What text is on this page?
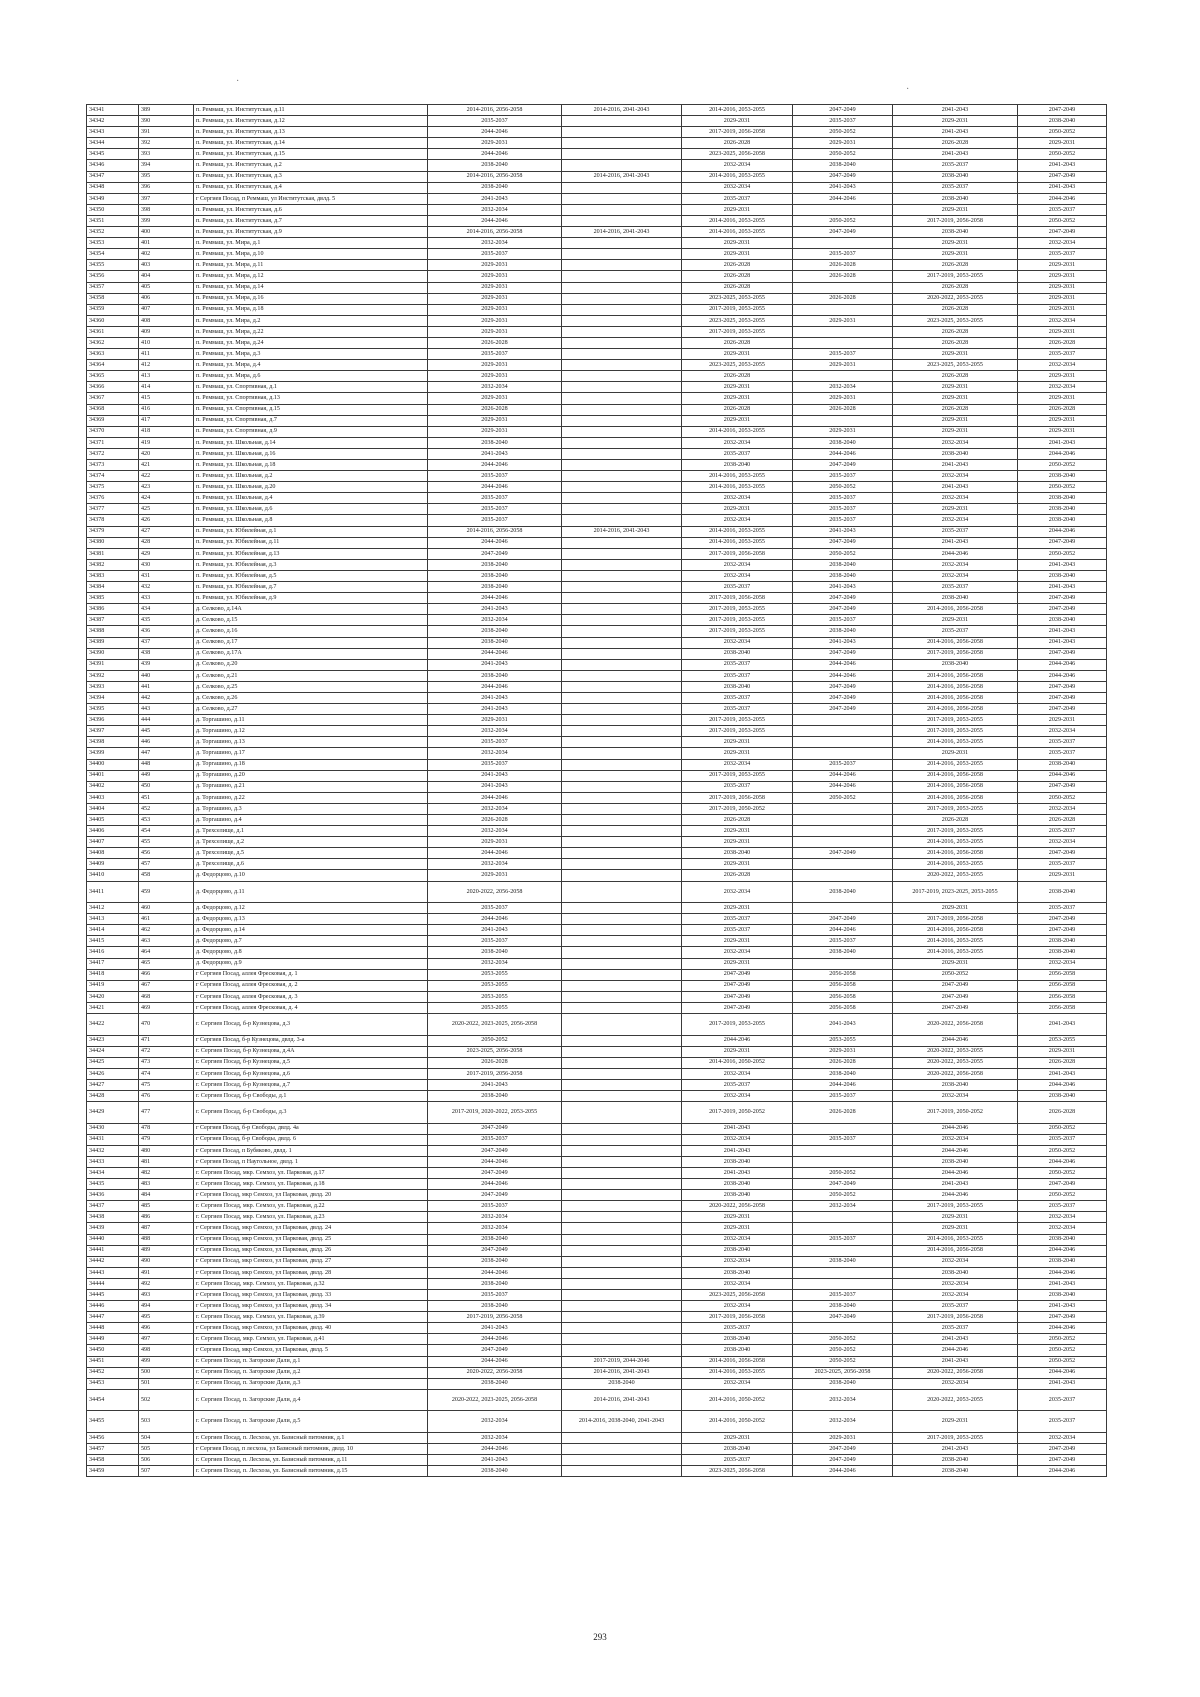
·
·
34341	389	п. Реммаш, ул. Институтская, д.11	2014-2016, 2056-2058	2014-2016, 2041-2043	2014-2016, 2053-2055	2047-2049	2041-2043	2047-2049
34342	390	п. Реммаш, ул. Институтская, д.12	2035-2037		2029-2031	2035-2037	2029-2031	2038-2040
34343	391	п. Реммаш, ул. Институтская, д.13	2044-2046		2017-2019, 2056-2058	2050-2052	2041-2043	2050-2052
34344	392	п. Реммаш, ул. Институтская, д.14	2029-2031		2026-2028	2029-2031	2026-2028	2029-2031
34345	393	п. Реммаш, ул. Институтская, д.15	2044-2046		2023-2025, 2056-2058	2050-2052	2041-2043	2050-2052
34346	394	п. Реммаш, ул. Институтская, д.2	2038-2040		2032-2034	2038-2040	2035-2037	2041-2043
34347	395	п. Реммаш, ул. Институтская, д.3	2014-2016, 2056-2058	2014-2016, 2041-2043	2014-2016, 2053-2055	2047-2049	2038-2040	2047-2049
34348	396	п. Реммаш, ул. Институтская, д.4	2038-2040		2032-2034	2041-2043	2035-2037	2041-2043
34349	397	г Сергиев Посад, п Реммаш, ул Институтская, двлд. 5	2041-2043		2035-2037	2044-2046	2038-2040	2044-2046
34350	398	п. Реммаш, ул. Институтская, д.6	2032-2034		2029-2031		2029-2031	2035-2037
34351	399	п. Реммаш, ул. Институтская, д.7	2044-2046		2014-2016, 2053-2055	2050-2052	2017-2019, 2056-2058	2050-2052
34352	400	п. Реммаш, ул. Институтская, д.9	2014-2016, 2056-2058	2014-2016, 2041-2043	2014-2016, 2053-2055	2047-2049	2038-2040	2047-2049
34353	401	п. Реммаш, ул. Мира, д.1	2032-2034		2029-2031		2029-2031	2032-2034
34354	402	п. Реммаш, ул. Мира, д.10	2035-2037		2029-2031	2035-2037	2029-2031	2035-2037
34355	403	п. Реммаш, ул. Мира, д.11	2029-2031		2026-2028	2026-2028	2026-2028	2029-2031
34356	404	п. Реммаш, ул. Мира, д.12	2029-2031		2026-2028	2026-2028	2017-2019, 2053-2055	2029-2031
34357	405	п. Реммаш, ул. Мира, д.14	2029-2031		2026-2028		2026-2028	2029-2031
34358	406	п. Реммаш, ул. Мира, д.16	2029-2031		2023-2025, 2053-2055	2026-2028	2020-2022, 2053-2055	2029-2031
34359	407	п. Реммаш, ул. Мира, д.18	2029-2031		2017-2019, 2053-2055		2026-2028	2029-2031
34360	408	п. Реммаш, ул. Мира, д.2	2029-2031		2023-2025, 2053-2055	2029-2031	2023-2025, 2053-2055	2032-2034
34361	409	п. Реммаш, ул. Мира, д.22	2029-2031		2017-2019, 2053-2055		2026-2028	2029-2031
34362	410	п. Реммаш, ул. Мира, д.24	2026-2028		2026-2028		2026-2028	2026-2028
34363	411	п. Реммаш, ул. Мира, д.3	2035-2037		2029-2031	2035-2037	2029-2031	2035-2037
34364	412	п. Реммаш, ул. Мира, д.4	2029-2031		2023-2025, 2053-2055	2029-2031	2023-2025, 2053-2055	2032-2034
34365	413	п. Реммаш, ул. Мира, д.6	2029-2031		2026-2028		2026-2028	2029-2031
34366	414	п. Реммаш, ул. Спортивная, д.1	2032-2034		2029-2031	2032-2034	2029-2031	2032-2034
34367	415	п. Реммаш, ул. Спортивная, д.13	2029-2031		2029-2031	2029-2031	2029-2031	2029-2031
34368	416	п. Реммаш, ул. Спортивная, д.15	2026-2028		2026-2028	2026-2028	2026-2028	2026-2028
34369	417	п. Реммаш, ул. Спортивная, д.7	2029-2031		2029-2031		2029-2031	2029-2031
34370	418	п. Реммаш, ул. Спортивная, д.9	2029-2031		2014-2016, 2053-2055	2029-2031	2029-2031	2029-2031
34371	419	п. Реммаш, ул. Школьная, д.14	2038-2040		2032-2034	2038-2040	2032-2034	2041-2043
34372	420	п. Реммаш, ул. Школьная, д.16	2041-2043		2035-2037	2044-2046	2038-2040	2044-2046
34373	421	п. Реммаш, ул. Школьная, д.18	2044-2046		2038-2040	2047-2049	2041-2043	2050-2052
34374	422	п. Реммаш, ул. Школьная, д.2	2035-2037		2014-2016, 2053-2055	2035-2037	2032-2034	2038-2040
34375	423	п. Реммаш, ул. Школьная, д.20	2044-2046		2014-2016, 2053-2055	2050-2052	2041-2043	2050-2052
34376	424	п. Реммаш, ул. Школьная, д.4	2035-2037		2032-2034	2035-2037	2032-2034	2038-2040
34377	425	п. Реммаш, ул. Школьная, д.6	2035-2037		2029-2031	2035-2037	2029-2031	2038-2040
34378	426	п. Реммаш, ул. Школьная, д.8	2035-2037		2032-2034	2035-2037	2032-2034	2038-2040
34379	427	п. Реммаш, ул. Юбилейная, д.1	2014-2016, 2056-2058	2014-2016, 2041-2043	2014-2016, 2053-2055	2041-2043	2035-2037	2044-2046
34380	428	п. Реммаш, ул. Юбилейная, д.11	2044-2046		2014-2016, 2053-2055	2047-2049	2041-2043	2047-2049
34381	429	п. Реммаш, ул. Юбилейная, д.13	2047-2049		2017-2019, 2056-2058	2050-2052	2044-2046	2050-2052
34382	430	п. Реммаш, ул. Юбилейная, д.3	2038-2040		2032-2034	2038-2040	2032-2034	2041-2043
34383	431	п. Реммаш, ул. Юбилейная, д.5	2038-2040		2032-2034	2038-2040	2032-2034	2038-2040
34384	432	п. Реммаш, ул. Юбилейная, д.7	2038-2040		2035-2037	2041-2043	2035-2037	2041-2043
34385	433	п. Реммаш, ул. Юбилейная, д.9	2044-2046		2017-2019, 2056-2058	2047-2049	2038-2040	2047-2049
34386	434	д. Селково, д.14А	2041-2043		2017-2019, 2053-2055	2047-2049	2014-2016, 2056-2058	2047-2049
34387	435	д. Селково, д.15	2032-2034		2017-2019, 2053-2055	2035-2037	2029-2031	2038-2040
34388	436	д. Селково, д.16	2038-2040		2017-2019, 2053-2055	2038-2040	2035-2037	2041-2043
34389	437	д. Селково, д.17	2038-2040		2032-2034	2041-2043	2014-2016, 2056-2058	2041-2043
34390	438	д. Селково, д.17А	2044-2046		2038-2040	2047-2049	2017-2019, 2056-2058	2047-2049
34391	439	д. Селково, д.20	2041-2043		2035-2037	2044-2046	2038-2040	2044-2046
34392	440	д. Селково, д.21	2038-2040		2035-2037	2044-2046	2014-2016, 2056-2058	2044-2046
34393	441	д. Селково, д.25	2044-2046		2038-2040	2047-2049	2014-2016, 2056-2058	2047-2049
34394	442	д. Селково, д.26	2041-2043		2035-2037	2047-2049	2014-2016, 2056-2058	2047-2049
34395	443	д. Селково, д.27	2041-2043		2035-2037	2047-2049	2014-2016, 2056-2058	2047-2049
34396	444	д. Торгашино, д.11	2029-2031		2017-2019, 2053-2055		2017-2019, 2053-2055	2029-2031
34397	445	д. Торгашино, д.12	2032-2034		2017-2019, 2053-2055		2017-2019, 2053-2055	2032-2034
34398	446	д. Торгашино, д.13	2035-2037		2029-2031		2014-2016, 2053-2055	2035-2037
34399	447	д. Торгашино, д.17	2032-2034		2029-2031		2029-2031	2035-2037
34400	448	д. Торгашино, д.18	2035-2037		2032-2034	2035-2037	2014-2016, 2053-2055	2038-2040
34401	449	д. Торгашино, д.20	2041-2043		2017-2019, 2053-2055	2044-2046	2014-2016, 2056-2058	2044-2046
34402	450	д. Торгашино, д.21	2041-2043		2035-2037	2044-2046	2014-2016, 2056-2058	2047-2049
34403	451	д. Торгашино, д.22	2044-2046		2017-2019, 2056-2058	2050-2052	2014-2016, 2056-2058	2050-2052
34404	452	д. Торгашино, д.3	2032-2034		2017-2019, 2050-2052		2017-2019, 2053-2055	2032-2034
34405	453	д. Торгашино, д.4	2026-2028		2026-2028		2026-2028	2026-2028
34406	454	д. Трехселище, д.1	2032-2034		2029-2031		2017-2019, 2053-2055	2035-2037
34407	455	д. Трехселище, д.2	2029-2031		2029-2031		2014-2016, 2053-2055	2032-2034
34408	456	д. Трехселище, д.5	2044-2046		2038-2040	2047-2049	2014-2016, 2056-2058	2047-2049
34409	457	д. Трехселище, д.6	2032-2034		2029-2031		2014-2016, 2053-2055	2035-2037
34410	458	д. Федорцово, д.10	2029-2031		2026-2028		2020-2022, 2053-2055	2029-2031
34411	459	д. Федорцово, д.11	2020-2022, 2056-2058		2032-2034	2038-2040	2017-2019, 2023-2025, 2053-2055	2038-2040
34412	460	д. Федорцово, д.12	2035-2037		2029-2031		2029-2031	2035-2037
34413	461	д. Федорцово, д.13	2044-2046		2035-2037	2047-2049	2017-2019, 2056-2058	2047-2049
34414	462	д. Федорцово, д.14	2041-2043		2035-2037	2044-2046	2014-2016, 2056-2058	2047-2049
34415	463	д. Федорцово, д.7	2035-2037		2029-2031	2035-2037	2014-2016, 2053-2055	2038-2040
34416	464	д. Федорцово, д.8	2038-2040		2032-2034	2038-2040	2014-2016, 2053-2055	2038-2040
34417	465	д. Федорцово, д.9	2032-2034		2029-2031		2029-2031	2032-2034
34418	466	г Сергиев Посад, аллея Фресковая, д. 1	2053-2055		2047-2049	2056-2058	2050-2052	2056-2058
34419	467	г Сергиев Посад, аллея Фресковая, д. 2	2053-2055		2047-2049	2056-2058	2047-2049	2056-2058
34420	468	г Сергиев Посад, аллея Фресковая, д. 3	2053-2055		2047-2049	2056-2058	2047-2049	2056-2058
34421	469	г Сергиев Посад, аллея Фресковая, д. 4	2053-2055		2047-2049	2056-2058	2047-2049	2056-2058
34422	470	г. Сергиев Посад, б-р Кузнецова, д.3	2020-2022, 2023-2025, 2056-2058		2017-2019, 2053-2055	2041-2043	2020-2022, 2056-2058	2041-2043
34423	471	г Сергиев Посад, б-р Кузнецова, двлд. 3-а	2050-2052		2044-2046	2053-2055	2044-2046	2053-2055
34424	472	г. Сергиев Посад, б-р Кузнецова, д.4А	2023-2025, 2056-2058		2029-2031	2029-2031	2020-2022, 2053-2055	2029-2031
34425	473	г. Сергиев Посад, б-р Кузнецова, д.5	2026-2028		2014-2016, 2050-2052	2026-2028	2020-2022, 2053-2055	2026-2028
34426	474	г. Сергиев Посад, б-р Кузнецова, д.6	2017-2019, 2056-2058		2032-2034	2038-2040	2020-2022, 2056-2058	2041-2043
34427	475	г. Сергиев Посад, б-р Кузнецова, д.7	2041-2043		2035-2037	2044-2046	2038-2040	2044-2046
34428	476	г. Сергиев Посад, б-р Свободы, д.1	2038-2040		2032-2034	2035-2037	2032-2034	2038-2040
34429	477	г. Сергиев Посад, б-р Свободы, д.3	2017-2019, 2020-2022, 2053-2055		2017-2019, 2050-2052	2026-2028	2017-2019, 2050-2052	2026-2028
34430	478	г Сергиев Посад, б-р Свободы, двлд. 4а	2047-2049		2041-2043		2044-2046	2050-2052
34431	479	г Сергиев Посад, б-р Свободы, двлд. 6	2035-2037		2032-2034	2035-2037	2032-2034	2035-2037
34432	480	г Сергиев Посад, п Бубяково, двлд. 1	2047-2049		2041-2043		2044-2046	2050-2052
34433	481	г Сергиев Посад, п Наугольное, двлд. 1	2044-2046		2038-2040		2038-2040	2044-2046
34434	482	г. Сергиев Посад, мкр. Семхоз, ул. Парковая, д.17	2047-2049		2041-2043	2050-2052	2044-2046	2050-2052
34435	483	г. Сергиев Посад, мкр. Семхоз, ул. Парковая, д.18	2044-2046		2038-2040	2047-2049	2041-2043	2047-2049
34436	484	г Сергиев Посад, мкр Семхоз, ул Парковая, двлд. 20	2047-2049		2038-2040	2050-2052	2044-2046	2050-2052
34437	485	г. Сергиев Посад, мкр. Семхоз, ул. Парковая, д.22	2035-2037		2020-2022, 2056-2058	2032-2034	2017-2019, 2053-2055	2035-2037
34438	486	г. Сергиев Посад, мкр. Семхоз, ул. Парковая, д.23	2032-2034		2029-2031		2029-2031	2032-2034
34439	487	г Сергиев Посад, мкр Семхоз, ул Парковая, двлд. 24	2032-2034		2029-2031		2029-2031	2032-2034
34440	488	г Сергиев Посад, мкр Семхоз, ул Парковая, двлд. 25	2038-2040		2032-2034	2035-2037	2014-2016, 2053-2055	2038-2040
34441	489	г Сергиев Посад, мкр Семхоз, ул Парковая, двлд. 26	2047-2049		2038-2040		2014-2016, 2056-2058	2044-2046
34442	490	г Сергиев Посад, мкр Семхоз, ул Парковая, двлд. 27	2038-2040		2032-2034	2038-2040	2032-2034	2038-2040
34443	491	г Сергиев Посад, мкр Семхоз, ул Парковая, двлд. 28	2044-2046		2038-2040		2038-2040	2044-2046
34444	492	г. Сергиев Посад, мкр. Семхоз, ул. Парковая, д.32	2038-2040		2032-2034		2032-2034	2041-2043
34445	493	г Сергиев Посад, мкр Семхоз, ул Парковая, двлд. 33	2035-2037		2023-2025, 2056-2058	2035-2037	2032-2034	2038-2040
34446	494	г Сергиев Посад, мкр Семхоз, ул Парковая, двлд. 34	2038-2040		2032-2034	2038-2040	2035-2037	2041-2043
34447	495	г. Сергиев Посад, мкр. Семхоз, ул. Парковая, д.39	2017-2019, 2056-2058		2017-2019, 2056-2058	2047-2049	2017-2019, 2056-2058	2047-2049
34448	496	г Сергиев Посад, мкр Семхоз, ул Парковая, двлд. 40	2041-2043		2035-2037		2035-2037	2044-2046
34449	497	г. Сергиев Посад, мкр. Семхоз, ул. Парковая, д.41	2044-2046		2038-2040	2050-2052	2041-2043	2050-2052
34450	498	г Сергиев Посад, мкр Семхоз, ул Парковая, двлд. 5	2047-2049		2038-2040	2050-2052	2044-2046	2050-2052
34451	499	г. Сергиев Посад, п. Загорские Дали, д.1	2044-2046	2017-2019, 2044-2046	2014-2016, 2056-2058	2050-2052	2041-2043	2050-2052
34452	500	г. Сергиев Посад, п. Загорские Дали, д.2	2020-2022, 2056-2058	2014-2016, 2041-2043	2014-2016, 2053-2055	2023-2025, 2056-2058	2020-2022, 2056-2058	2044-2046
34453	501	г. Сергиев Посад, п. Загорские Дали, д.3	2038-2040	2038-2040	2032-2034	2038-2040	2032-2034	2041-2043
34454	502	г. Сергиев Посад, п. Загорские Дали, д.4	2020-2022, 2023-2025, 2056-2058	2014-2016, 2041-2043	2014-2016, 2050-2052	2032-2034	2020-2022, 2053-2055	2035-2037
34455	503	г. Сергиев Посад, п. Загорские Дали, д.5	2032-2034	2014-2016, 2038-2040, 2041-2043	2014-2016, 2050-2052	2032-2034	2029-2031	2035-2037
34456	504	г. Сергиев Посад, п. Лесхоза, ул. Базисный питомник, д.1	2032-2034		2029-2031	2029-2031	2017-2019, 2053-2055	2032-2034
34457	505	г Сергиев Посад, п лесхоза, ул Базисный питомник, двлд. 10	2044-2046		2038-2040	2047-2049	2041-2043	2047-2049
34458	506	г. Сергиев Посад, п. Лесхоза, ул. Базисный питомник, д.11	2041-2043		2035-2037	2047-2049	2038-2040	2047-2049
34459	507	г. Сергиев Посад, п. Лесхоза, ул. Базисный питомник, д.15	2038-2040		2023-2025, 2056-2058	2044-2046	2038-2040	2044-2046
293
